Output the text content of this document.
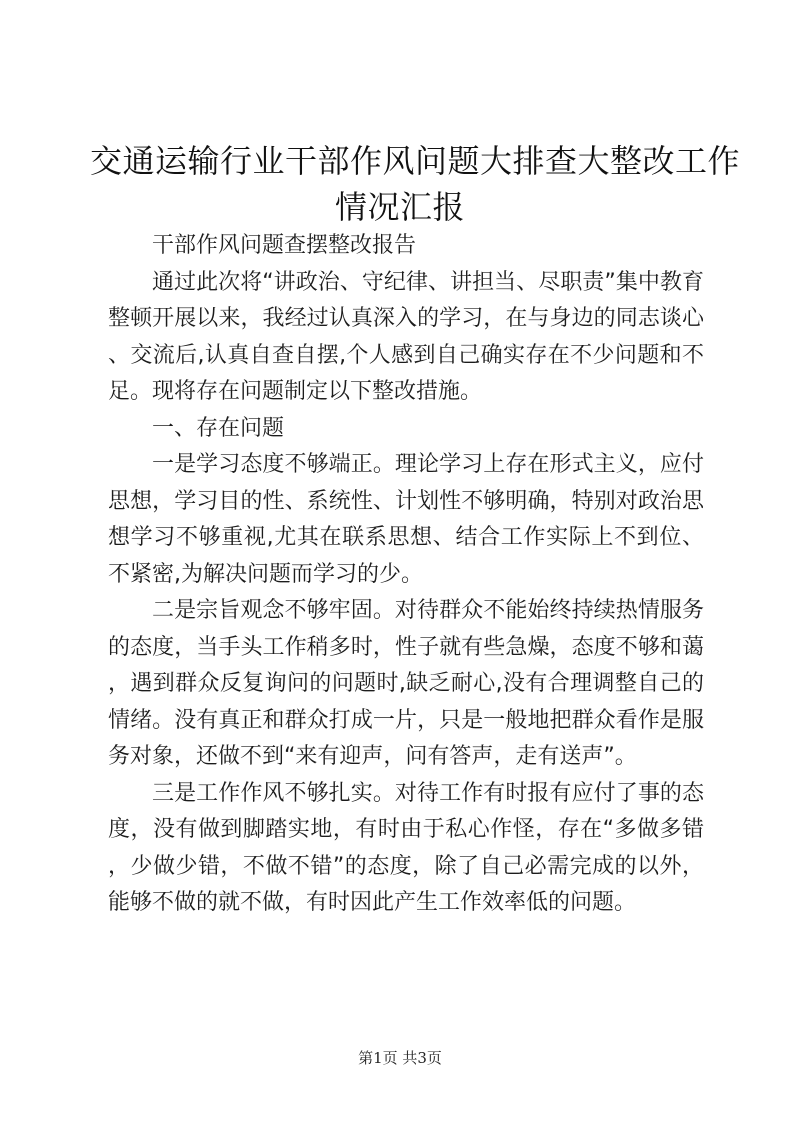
交通运输行业干部作风问题大排查大整改工作
情况汇报

干部作风问题查摆整改报告

通过此次将“讲政治、守纪律、讲担当、尽职责”集中教育整顿开展以来，我经过认真深入的学习，在与身边的同志谈心、交流后,认真自查自摆,个人感到自己确实存在不少问题和不足。现将存在问题制定以下整改措施。

一、存在问题

一是学习态度不够端正。理论学习上存在形式主义，应付思想，学习目的性、系统性、计划性不够明确，特别对政治思想学习不够重视,尤其在联系思想、结合工作实际上不到位、不紧密,为解决问题而学习的少。

二是宗旨观念不够牢固。对待群众不能始终持续热情服务的态度，当手头工作稍多时，性子就有些急燥，态度不够和蔼，遇到群众反复询问的问题时,缺乏耐心,没有合理调整自己的情绪。没有真正和群众打成一片，只是一般地把群众看作是服务对象，还做不到“来有迎声，问有答声，走有送声”。

三是工作作风不够扎实。对待工作有时报有应付了事的态度，没有做到脚踏实地，有时由于私心作怪，存在“多做多错，少做少错，不做不错”的态度，除了自己必需完成的以外，能够不做的就不做，有时因此产生工作效率低的问题。

第1页 共3页
